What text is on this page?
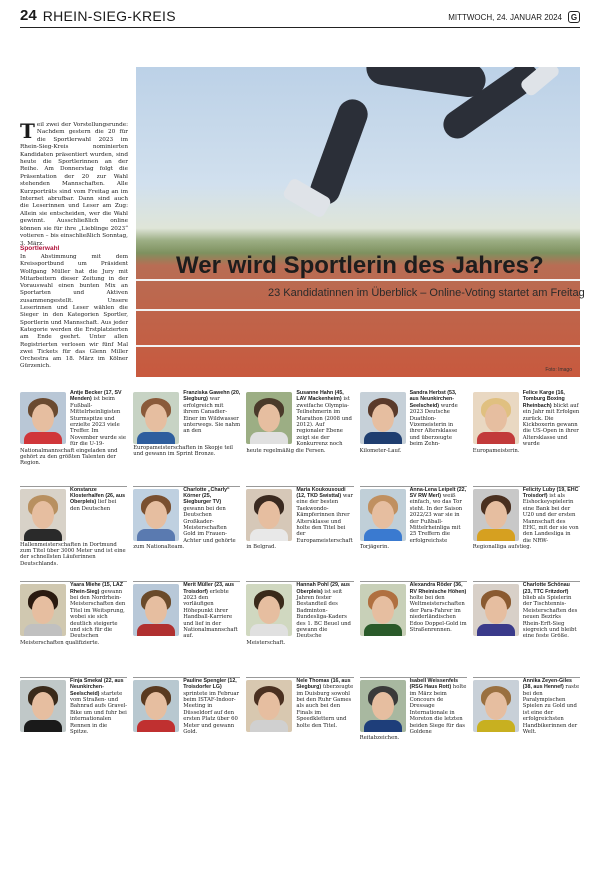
24 RHEIN-SIEG-KREIS	MITTWOCH, 24. JANUAR 2024	G
Foto: Imago
Wer wird Sportlerin des Jahres?
23 Kandidatinnen im Überblick – Online-Voting startet am Freitag
T eil zwei der Vorstellungsrunde: Nachdem gestern die 20 für die Sportlerwahl 2023 im Rhein-Sieg-Kreis nominierten Kandidaten präsentiert wurden, sind heute die Sportlerinnen an der Reihe. Am Donnerstag folgt die Präsentation der 20 zur Wahl stehenden Mannschaften. Alle Kurzporträts sind vom Freitag an im Internet abrufbar. Dann sind auch die Leserinnen und Leser am Zug: Allein sie entscheiden, wer die Wahl gewinnt. Ausschließlich online können sie für ihre „Lieblinge 2023“ votieren – bis einschließlich Sonntag, 3. März.
Sportlerwahl
In Abstimmung mit dem Kreissportbund um Präsident Wolfgang Müller hat die Jury mit Mitarbeitern dieser Zeitung in der Vorauswahl einen bunten Mix an Sportarten und Aktiven zusammengestellt. Unsere Leserinnen und Leser wählen die Sieger in den Kategorien Sportler, Sportlerin und Mannschaft. Aus jeder Kategorie werden die Erstplatzierten am Ende geehrt. Unter allen Registrierten verlosen wir fünf Mal zwei Tickets für das Glenn Miller Orchestra am 18. März im Kölner Gürzenich.
Antje Becker (17, SV Menden) ist beim Fußball-Mittelrheinligisten Sturmspitze und erzielte 2023 viele Treffer. Im November wurde sie für die U-19-Nationalmannschaft eingeladen und gehört zu den größten Talenten der Region.
Franziska Gawehn (20, Siegburg) war erfolgreich mit ihrem Canadier-Einer im Wildwasser unterwegs. Sie nahm an den Europameisterschaften in Skopje teil und gewann im Sprint Bronze.
Susanne Hahn (45, LAV Mackenheim) ist zweifache Olympia-Teilnehmerin im Marathon (2008 und 2012). Auf regionaler Ebene zeigt sie der Konkurrenz noch heute regelmäßig die Fersen.
Sandra Herbst (53, aus Neunkirchen-Seelscheid) wurde 2023 Deutsche Duathlon-Vizemeisterin in ihrer Altersklasse und überzeugte beim Zehn-Kilometer-Lauf.
Felice Karge (16, Tomburg Boxing Rheinbach) blickt auf ein Jahr mit Erfolgen zurück. Die Kickboxerin gewann die US-Open in ihrer Altersklasse und wurde Europameisterin.
Konstanze Klosterhalfen (26, aus Oberpleis) lief bei den Deutschen Hallenmeisterschaften in Dortmund zum Titel über 3000 Meter und ist eine der schnellsten Läuferinnen Deutschlands.
Charlotte „Charly“ Körner (25, Siegburger TV) gewann bei den Deutschen Großkader-Meisterschaften Gold im Frauen-Achter und gehörte zum Nationalteam.
Maria Koukousoudi (12, TKD Swisttal) war eine der besten Taekwondo-Kämpferinnen ihrer Altersklasse und holte den Titel bei der Europameisterschaft in Belgrad.
Anna-Lena Leipelt (22, SV RW Merl) weiß einfach, wo das Tor steht. In der Saison 2022/23 war sie in der Fußball-Mittelrheinliga mit 25 Treffern die erfolgreichste Torjägerin.
Felicity Luby (19, EHC Troisdorf) ist als Eishockeyspielerin eine Bank bei der U20 und der ersten Mannschaft des EHC, mit der sie von den Landesliga in die NRW-Regionalliga aufstieg.
Yaara Miehe (15, LAZ Rhein-Sieg) gewann bei den Nordrhein-Meisterschaften den Titel im Weitsprung, wobei sie sich deutlich steigerte und sich für die Deutschen Meisterschaften qualifizierte.
Merit Müller (23, aus Troisdorf) erlebte 2023 den vorläufigen Höhepunkt ihrer Handball-Karriere und lief in der Nationalmannschaft auf.
Hannah Pohl (29, aus Oberpleis) ist seit Jahren fester Bestandteil des Badminton-Bundesliga-Kaders des 1. BC Beuel und gewann die Deutsche Meisterschaft.
Alexandra Röder (36, RV Rheinische Höhen) holte bei den Weltmeisterschaften der Para-Fahrer im niederländischen Edoo Doppel-Gold im Straßenrennen.
Charlotte Schönau (23, TTC Fritzdorf) blieb als Spielerin der Tischtennis-Meisterschaften des neuen Bezirks Rhein-Erft-Sieg siegreich und bleibt eine feste Größe.
Finja Smekal (22, aus Neunkirchen-Seelscheid) startete vom Straßen- und Bahnrad aufs Gravel-Bike um und fuhr bei internationalen Rennen in die Spitze.
Pauline Spengler (12, Troisdorfer LG) sprintete im Februar beim ISTAF-Indoor-Meeting in Düsseldorf auf den ersten Platz über 60 Meter und gewann Gold.
Nele Thomas (16, aus Siegburg) überzeugte im Duisburg sowohl bei den Ruhr Games als auch bei den Finals im Speedklettern und holte den Titel.
Isabell Weissenfels (RSG Haus Rott) holte im März beim Concours de Dressage Internationale in Moreton die letzten beiden Siege für das Goldene Reitabzeichen.
Annika Zeyen-Giles (38, aus Hennef) raste bei den Paralympischen Spielen zu Gold und ist eine der erfolgreichsten Handbikerinnen der Welt.
